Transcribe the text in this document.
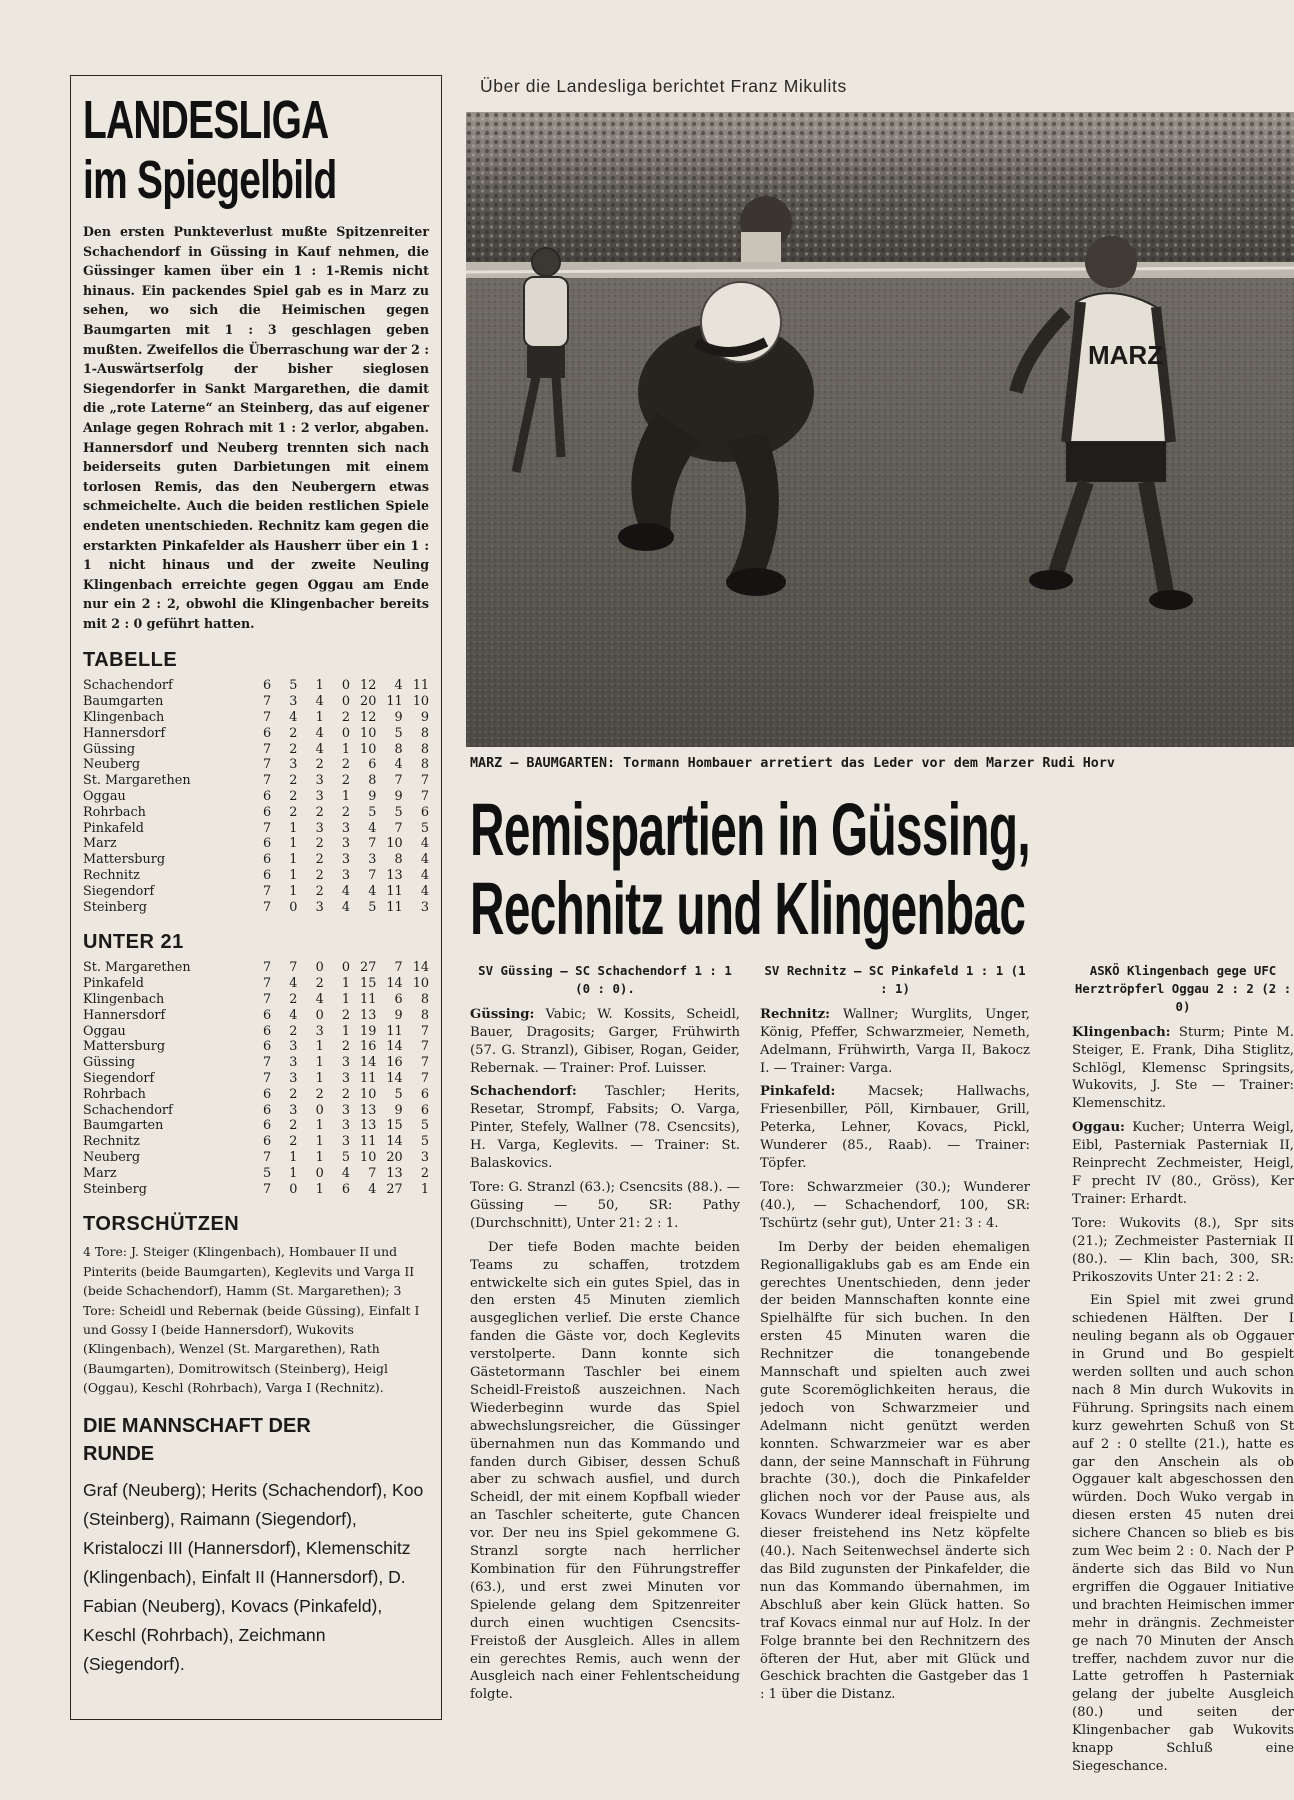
LANDESLIGA
im Spiegelbild

Den ersten Punkteverlust mußte Spitzenreiter Schachendorf in Güssing in Kauf nehmen, die Güssinger kamen über ein 1 : 1-Remis nicht hinaus. Ein packendes Spiel gab es in Marz zu sehen, wo sich die Heimischen gegen Baumgarten mit 1 : 3 geschlagen geben mußten. Zweifellos die Überraschung war der 2 : 1-Auswärtserfolg der bisher sieglosen Siegendorfer in Sankt Margarethen, die damit die „rote Laterne“ an Steinberg, das auf eigener Anlage gegen Rohrach mit 1 : 2 verlor, abgaben. Hannersdorf und Neuberg trennten sich nach beiderseits guten Darbietungen mit einem torlosen Remis, das den Neubergern etwas schmeichelte. Auch die beiden restlichen Spiele endeten unentschieden. Rechnitz kam gegen die erstarkten Pinkafelder als Hausherr über ein 1 : 1 nicht hinaus und der zweite Neuling Klingenbach erreichte gegen Oggau am Ende nur ein 2 : 2, obwohl die Klingenbacher bereits mit 2 : 0 geführt hatten.

TABELLE
Schachendorf	6	5	1	0	12	4	11
Baumgarten	7	3	4	0	20	11	10
Klingenbach	7	4	1	2	12	9	9
Hannersdorf	6	2	4	0	10	5	8
Güssing	7	2	4	1	10	8	8
Neuberg	7	3	2	2	6	4	8
St. Margarethen	7	2	3	2	8	7	7
Oggau	6	2	3	1	9	9	7
Rohrbach	6	2	2	2	5	5	6
Pinkafeld	7	1	3	3	4	7	5
Marz	6	1	2	3	7	10	4
Mattersburg	6	1	2	3	3	8	4
Rechnitz	6	1	2	3	7	13	4
Siegendorf	7	1	2	4	4	11	4
Steinberg	7	0	3	4	5	11	3
UNTER 21
St. Margarethen	7	7	0	0	27	7	14
Pinkafeld	7	4	2	1	15	14	10
Klingenbach	7	2	4	1	11	6	8
Hannersdorf	6	4	0	2	13	9	8
Oggau	6	2	3	1	19	11	7
Mattersburg	6	3	1	2	16	14	7
Güssing	7	3	1	3	14	16	7
Siegendorf	7	3	1	3	11	14	7
Rohrbach	6	2	2	2	10	5	6
Schachendorf	6	3	0	3	13	9	6
Baumgarten	6	2	1	3	13	15	5
Rechnitz	6	2	1	3	11	14	5
Neuberg	7	1	1	5	10	20	3
Marz	5	1	0	4	7	13	2
Steinberg	7	0	1	6	4	27	1
TORSCHÜTZEN
4 Tore: J. Steiger (Klingenbach), Hombauer II und Pinterits (beide Baumgarten), Keglevits und Varga II (beide Schachendorf), Hamm (St. Margarethen); 3 Tore: Scheidl und Rebernak (beide Güssing), Einfalt I und Gossy I (beide Hannersdorf), Wukovits (Klingenbach), Wenzel (St. Margarethen), Rath (Baumgarten), Domitrowitsch (Steinberg), Heigl (Oggau), Keschl (Rohrbach), Varga I (Rechnitz).
DIE MANNSCHAFT DER
RUNDE
Graf (Neuberg); Herits (Schachendorf), Koo (Steinberg), Raimann (Siegendorf), Kristaloczi III (Hannersdorf), Klemenschitz (Klingenbach), Einfalt II (Hannersdorf), D. Fabian (Neuberg), Kovacs (Pinkafeld), Keschl (Rohrbach), Zeichmann (Siegendorf).
Über die Landesliga berichtet Franz Mikulits
MARZ
MARZ — BAUMGARTEN: Tormann Hombauer arretiert das Leder vor dem Marzer Rudi Horv
Remispartien in Güssing,
Rechnitz und Klingenbac
SV Güssing — SC Schachendorf 1 : 1 (0 : 0).

Güssing: Vabic; W. Kossits, Scheidl, Bauer, Dragosits; Garger, Frühwirth (57. G. Stranzl), Gibiser, Rogan, Geider, Rebernak. — Trainer: Prof. Luisser.

Schachendorf: Taschler; Herits, Resetar, Strompf, Fabsits; O. Varga, Pinter, Stefely, Wallner (78. Csencsits), H. Varga, Keglevits. — Trainer: St. Balaskovics.

Tore: G. Stranzl (63.); Csencsits (88.). — Güssing — 50, SR: Pathy (Durchschnitt), Unter 21: 2 : 1.

Der tiefe Boden machte beiden Teams zu schaffen, trotzdem entwickelte sich ein gutes Spiel, das in den ersten 45 Minuten ziemlich ausgeglichen verlief. Die erste Chance fanden die Gäste vor, doch Keglevits verstolperte. Dann konnte sich Gästetormann Taschler bei einem Scheidl-Freistoß auszeichnen. Nach Wiederbeginn wurde das Spiel abwechslungsreicher, die Güssinger übernahmen nun das Kommando und fanden durch Gibiser, dessen Schuß aber zu schwach ausfiel, und durch Scheidl, der mit einem Kopfball wieder an Taschler scheiterte, gute Chancen vor. Der neu ins Spiel gekommene G. Stranzl sorgte nach herrlicher Kombination für den Führungstreffer (63.), und erst zwei Minuten vor Spielende gelang dem Spitzenreiter durch einen wuchtigen Csencsits-Freistoß der Ausgleich. Alles in allem ein gerechtes Remis, auch wenn der Ausgleich nach einer Fehlentscheidung folgte.

SV Rechnitz — SC Pinkafeld 1 : 1 (1 : 1)

Rechnitz: Wallner; Wurglits, Unger, König, Pfeffer, Schwarzmeier, Nemeth, Adelmann, Frühwirth, Varga II, Bakocz I. — Trainer: Varga.

Pinkafeld: Macsek; Hallwachs, Friesenbiller, Pöll, Kirnbauer, Grill, Peterka, Lehner, Kovacs, Pickl, Wunderer (85., Raab). — Trainer: Töpfer.

Tore: Schwarzmeier (30.); Wunderer (40.), — Schachendorf, 100, SR: Tschürtz (sehr gut), Unter 21: 3 : 4.

Im Derby der beiden ehemaligen Regionalligaklubs gab es am Ende ein gerechtes Unentschieden, denn jeder der beiden Mannschaften konnte eine Spielhälfte für sich buchen. In den ersten 45 Minuten waren die Rechnitzer die tonangebende Mannschaft und spielten auch zwei gute Scoremöglichkeiten heraus, die jedoch von Schwarzmeier und Adelmann nicht genützt werden konnten. Schwarzmeier war es aber dann, der seine Mannschaft in Führung brachte (30.), doch die Pinkafelder glichen noch vor der Pause aus, als Kovacs Wunderer ideal freispielte und dieser freistehend ins Netz köpfelte (40.). Nach Seitenwechsel änderte sich das Bild zugunsten der Pinkafelder, die nun das Kommando übernahmen, im Abschluß aber kein Glück hatten. So traf Kovacs einmal nur auf Holz. In der Folge brannte bei den Rechnitzern des öfteren der Hut, aber mit Glück und Geschick brachten die Gastgeber das 1 : 1 über die Distanz.

ASKÖ Klingenbach gege UFC Herztröpferl Oggau 2 : 2 (2 : 0)

Klingenbach: Sturm; Pinte M. Steiger, E. Frank, Diha Stiglitz, Schlögl, Klemensc Springsits, Wukovits, J. Ste — Trainer: Klemenschitz.

Oggau: Kucher; Unterra Weigl, Eibl, Pasterniak Pasterniak II, Reinprecht Zechmeister, Heigl, F precht IV (80., Gröss), Ker Trainer: Erhardt.

Tore: Wukovits (8.), Spr sits (21.); Zechmeister Pasterniak II (80.). — Klin bach, 300, SR: Prikoszovits Unter 21: 2 : 2.

Ein Spiel mit zwei grund schiedenen Hälften. Der I neuling begann als ob Oggauer in Grund und Bo gespielt werden sollten und auch schon nach 8 Min durch Wukovits in Führung. Springsits nach einem kurz gewehrten Schuß von St auf 2 : 0 stellte (21.), hatte es gar den Anschein als ob Oggauer kalt abgeschossen den würden. Doch Wuko vergab in diesen ersten 45 nuten drei sichere Chancen so blieb es bis zum Wec beim 2 : 0. Nach der P änderte sich das Bild vo Nun ergriffen die Oggauer Initiative und brachten Heimischen immer mehr in drängnis. Zechmeister ge nach 70 Minuten der Ansch treffer, nachdem zuvor nur die Latte getroffen h Pasterniak gelang der jubelte Ausgleich (80.) und seiten der Klingenbacher gab Wukovits knapp Schluß eine Siegeschance.
